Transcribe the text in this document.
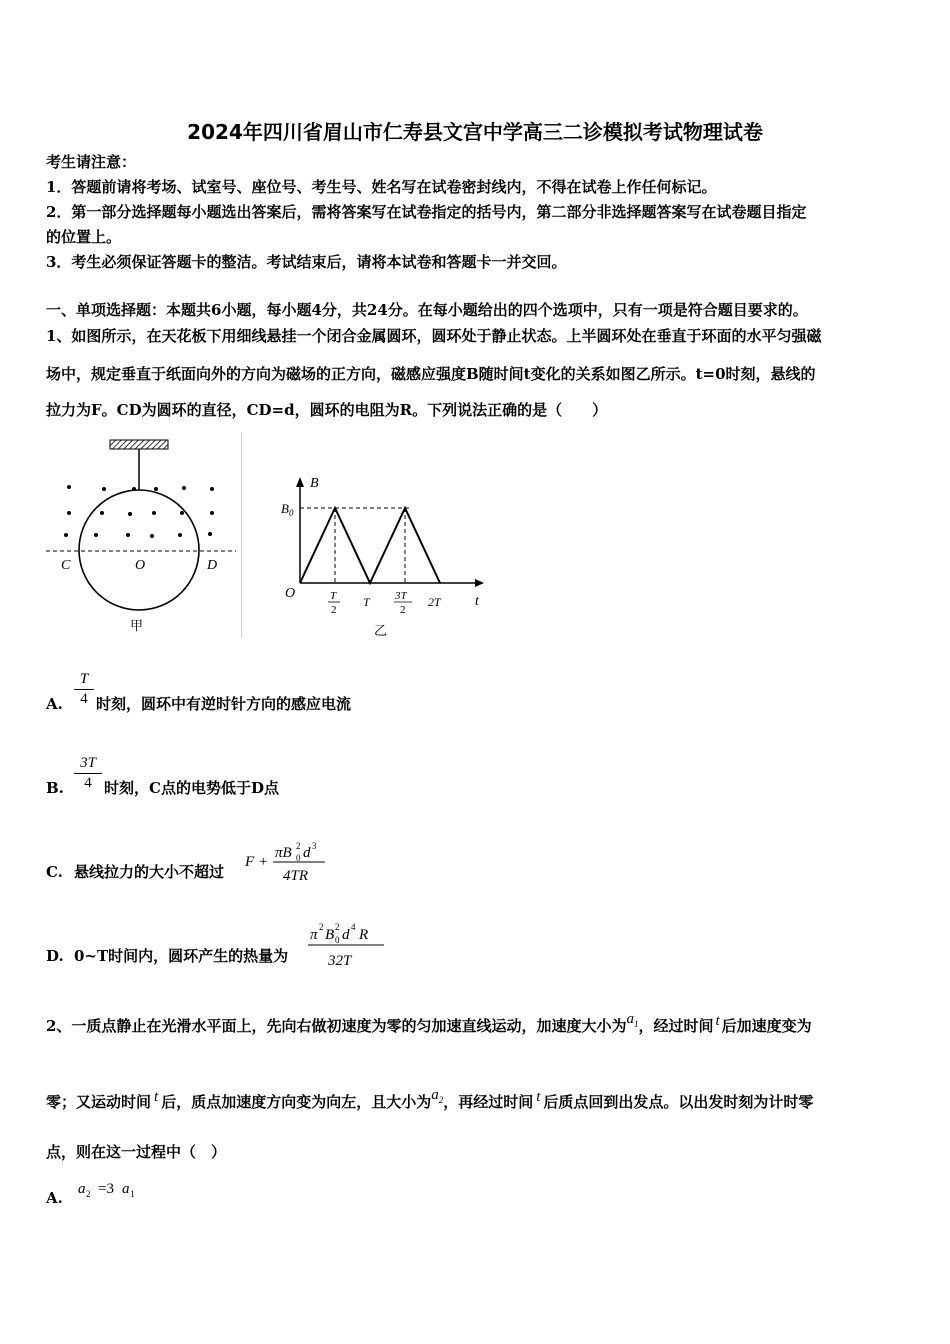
2024年四川省眉山市仁寿县文宫中学高三二诊模拟考试物理试卷
考生请注意：
1．答题前请将考场、试室号、座位号、考生号、姓名写在试卷密封线内，不得在试卷上作任何标记。
2．第一部分选择题每小题选出答案后，需将答案写在试卷指定的括号内，第二部分非选择题答案写在试卷题目指定
的位置上。
3．考生必须保证答题卡的整洁。考试结束后，请将本试卷和答题卡一并交回。
一、单项选择题：本题共6小题，每小题4分，共24分。在每小题给出的四个选项中，只有一项是符合题目要求的。
1、如图所示，在天花板下用细线悬挂一个闭合金属圆环，圆环处于静止状态。上半圆环处在垂直于环面的水平匀强磁
场中，规定垂直于纸面向外的方向为磁场的正方向，磁感应强度B随时间t变化的关系如图乙所示。t=0时刻，悬线的
拉力为F。CD为圆环的直径，CD=d，圆环的电阻为R。下列说法正确的是（　　）
C	O	D
甲
B
t
O
$B_0$
T
2
T 3T
2
2T
乙
A. $\frac{T}{4}$ 时刻，圆环中有逆时针方向的感应电流
B. $\frac{3T}{4}$ 时刻，C点的电势低于D点
C. 悬线拉力的大小不超过
F +
πB 2
0 d 3
4TR
D. 0~T时间内，圆环产生的热量为
π 2 B 2
0 d 4 R
32T
2、一质点静止在光滑水平面上，先向右做初速度为零的匀加速直线运动，加速度大小为$a^1$，经过时间 t 后加速度变为
零；又运动时间 t 后，质点加速度方向变为向左，且大小为$a^2$，再经过时间 t 后质点回到出发点。以出发时刻为计时零
点，则在这一过程中（　）
A. a 2 =3 a 1
